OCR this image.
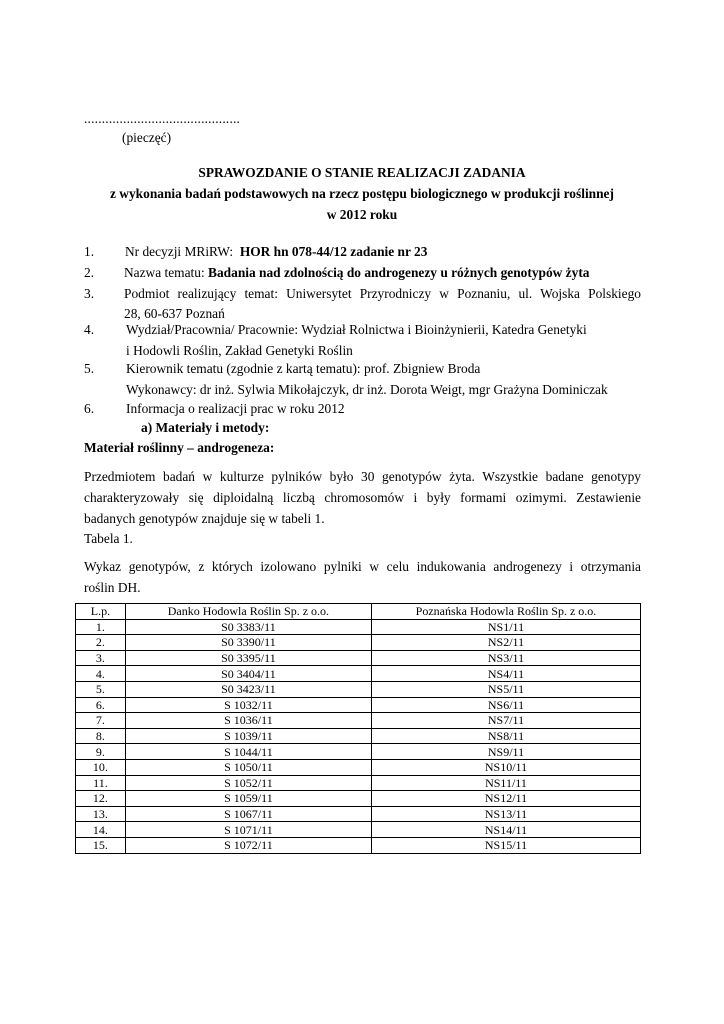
............................................
(pieczęć)
SPRAWOZDANIE O STANIE REALIZACJI ZADANIA
z wykonania badań podstawowych na rzecz postępu biologicznego w produkcji roślinnej
w 2012 roku
1. Nr decyzji MRiRW: HOR hn 078-44/12 zadanie nr 23
2. Nazwa tematu: Badania nad zdolnością do androgenezy u różnych genotypów żyta
3. Podmiot realizujący temat: Uniwersytet Przyrodniczy w Poznaniu, ul. Wojska Polskiego
28, 60-637 Poznań
4. Wydział/Pracownia/ Pracownie: Wydział Rolnictwa i Bioinżynierii, Katedra Genetyki
i Hodowli Roślin, Zakład Genetyki Roślin
5. Kierownik tematu (zgodnie z kartą tematu): prof. Zbigniew Broda
Wykonawcy: dr inż. Sylwia Mikołajczyk, dr inż. Dorota Weigt, mgr Grażyna Dominiczak
6. Informacja o realizacji prac w roku 2012
a) Materiały i metody:
Materiał roślinny – androgeneza:
Przedmiotem badań w kulturze pylników było 30 genotypów żyta. Wszystkie badane genotypy
charakteryzowały się diploidalną liczbą chromosomów i były formami ozimymi. Zestawienie
badanych genotypów znajduje się w tabeli 1.
Tabela 1.
Wykaz genotypów, z których izolowano pylniki w celu indukowania androgenezy i otrzymania
roślin DH.
L.p.	Danko Hodowla Roślin Sp. z o.o.	Poznańska Hodowla Roślin Sp. z o.o.
1.	S0 3383/11	NS1/11
2.	S0 3390/11	NS2/11
3.	S0 3395/11	NS3/11
4.	S0 3404/11	NS4/11
5.	S0 3423/11	NS5/11
6.	S 1032/11	NS6/11
7.	S 1036/11	NS7/11
8.	S 1039/11	NS8/11
9.	S 1044/11	NS9/11
10.	S 1050/11	NS10/11
11.	S 1052/11	NS11/11
12.	S 1059/11	NS12/11
13.	S 1067/11	NS13/11
14.	S 1071/11	NS14/11
15.	S 1072/11	NS15/11
